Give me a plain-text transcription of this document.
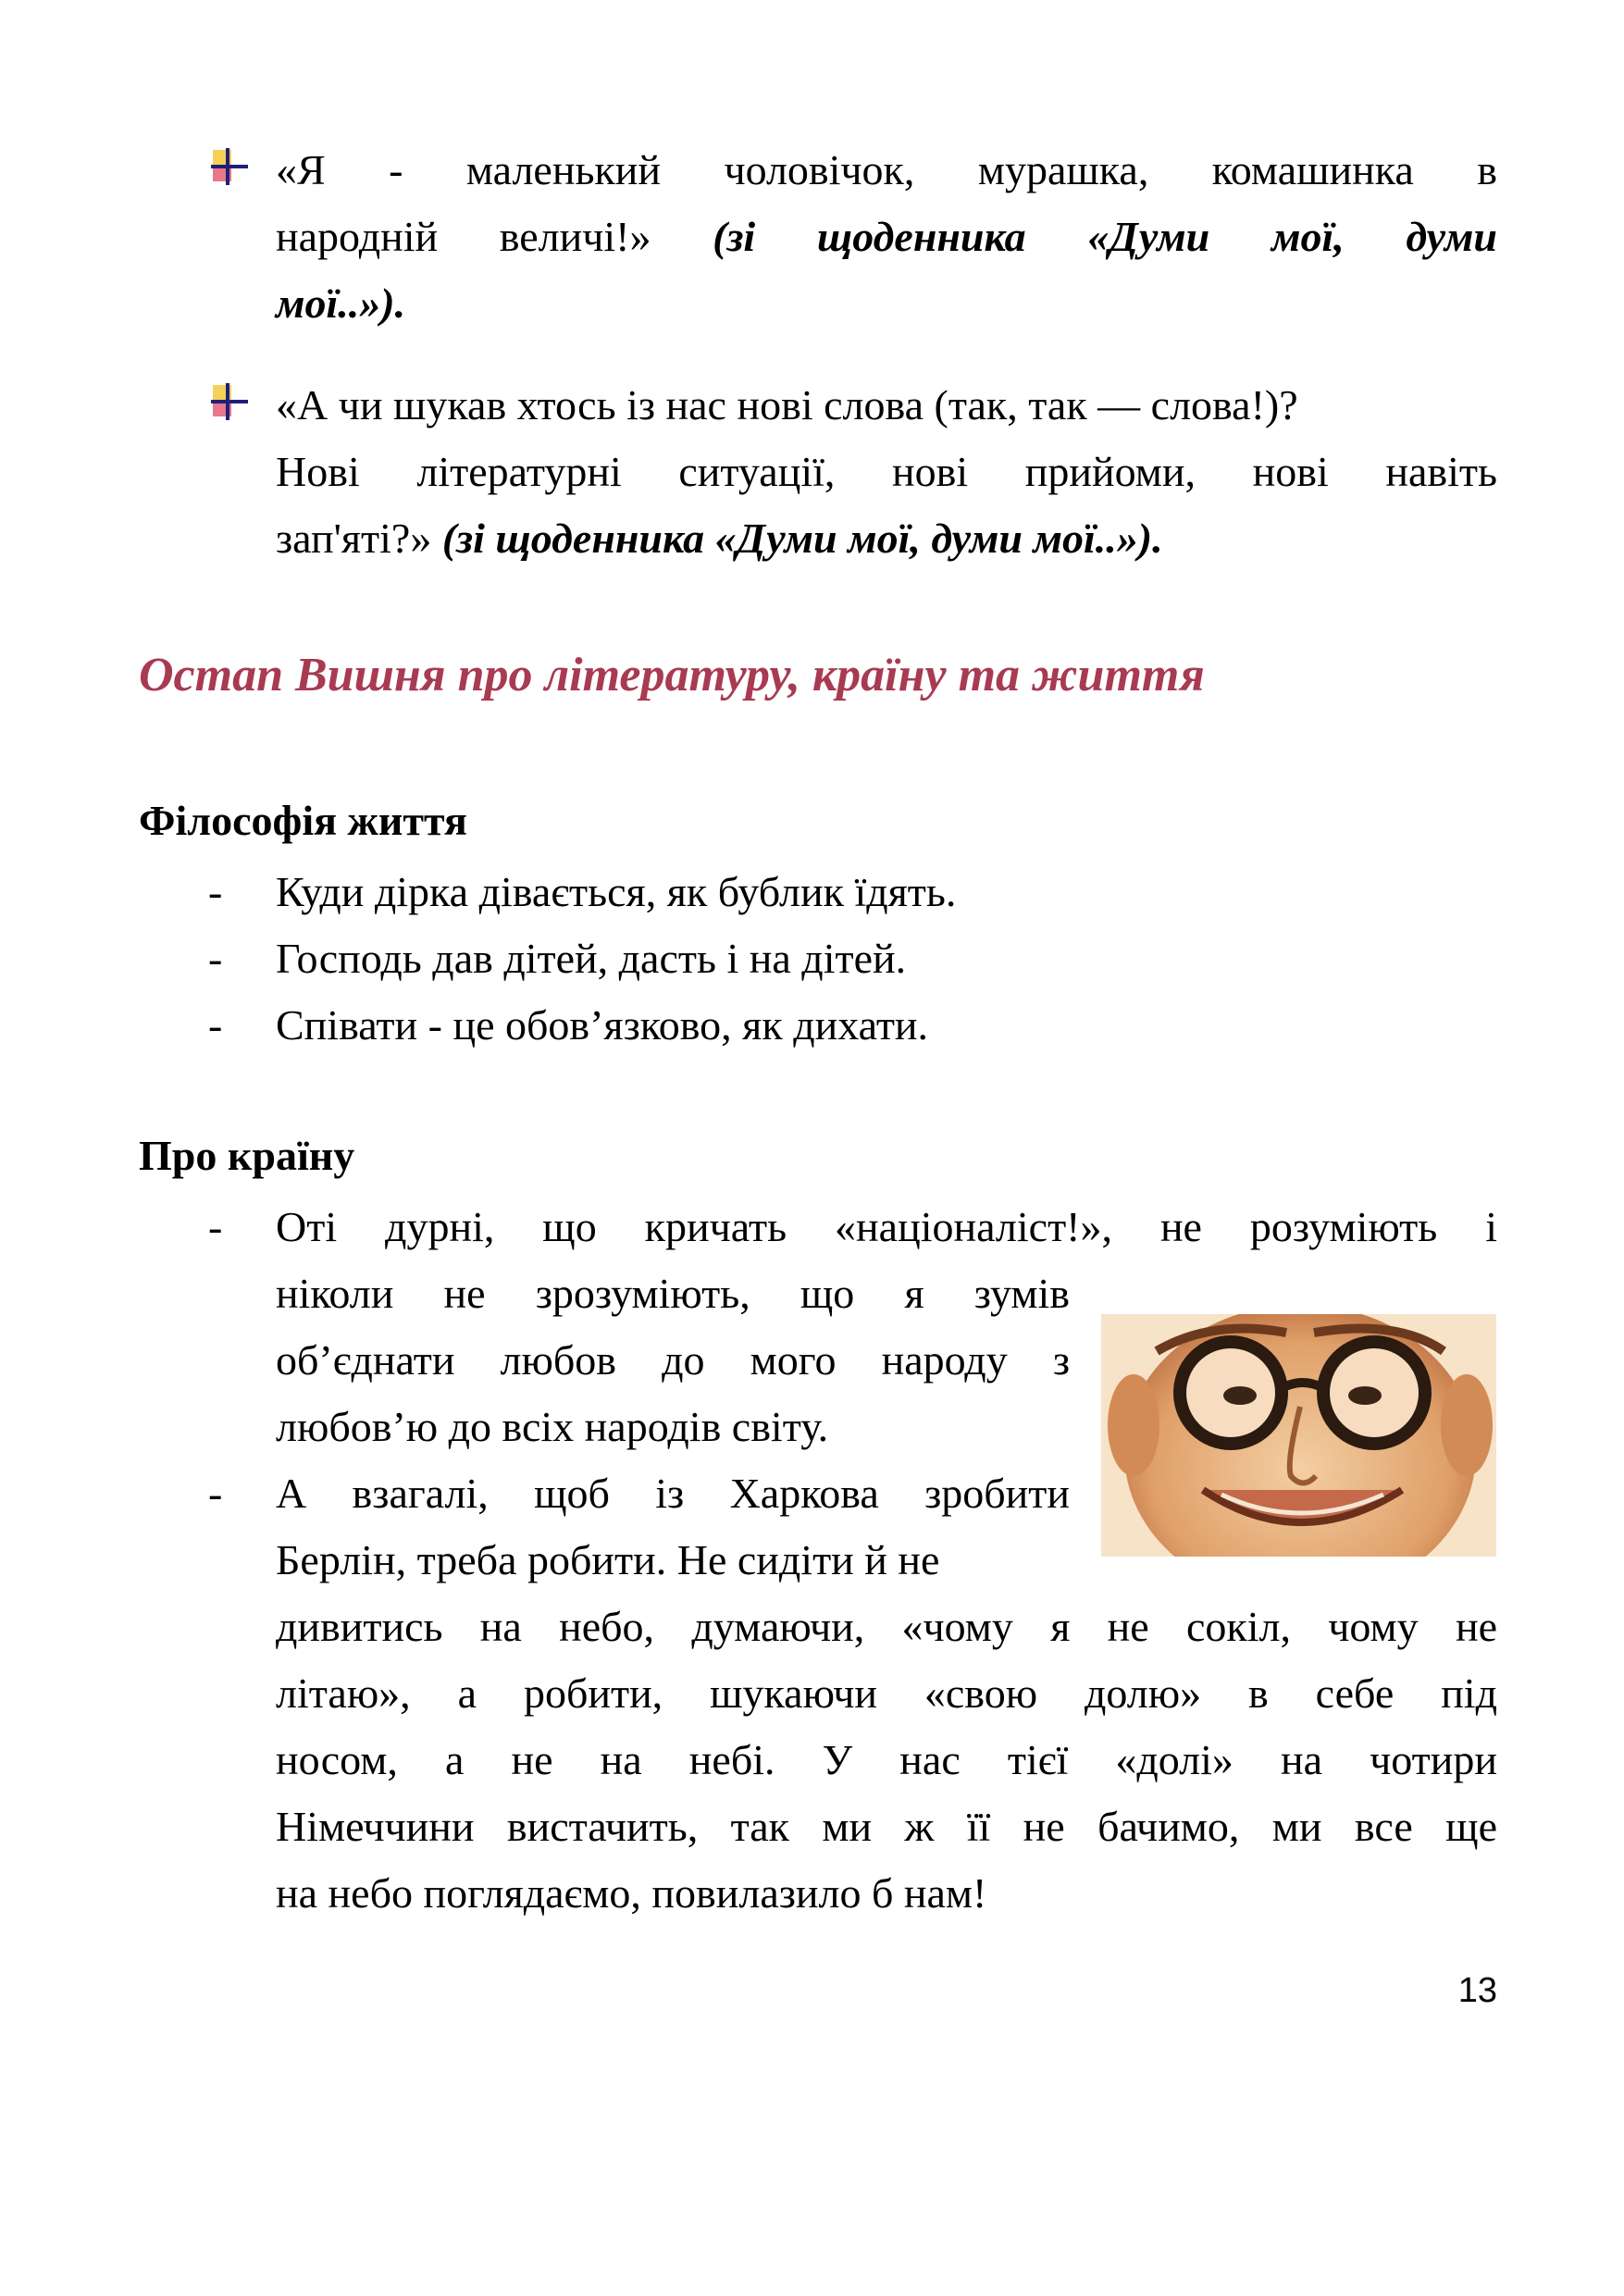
«Я - маленький чоловічок, мурашка, комашинка в
народній величі!» (зі щоденника «Думи мої, думи
мої..»).
«А чи шукав хтось із нас нові слова (так, так — слова!)?
Нові літературні ситуації, нові прийоми, нові навіть
зап'яті?» (зі щоденника «Думи мої, думи мої..»).
Остап Вишня про літературу, країну та життя
Філософія життя
- Куди дірка дівається, як бублик їдять.
- Господь дав дітей, дасть і на дітей.
- Співати - це обов’язково, як дихати.
Про країну
- Оті дурні, що кричать «націоналіст!», не розуміють і
ніколи не зрозуміють, що я зумів
об’єднати любов до мого народу з
любов’ю до всіх народів світу.
- А взагалі, щоб із Харкова зробити
Берлін, треба робити. Не сидіти й не
дивитись на небо, думаючи, «чому я не сокіл, чому не
літаю», а робити, шукаючи «свою долю» в себе під
носом, а не на небі. У нас тієї «долі» на чотири
Німеччини вистачить, так ми ж її не бачимо, ми все ще
на небо поглядаємо, повилазило б нам!
13
